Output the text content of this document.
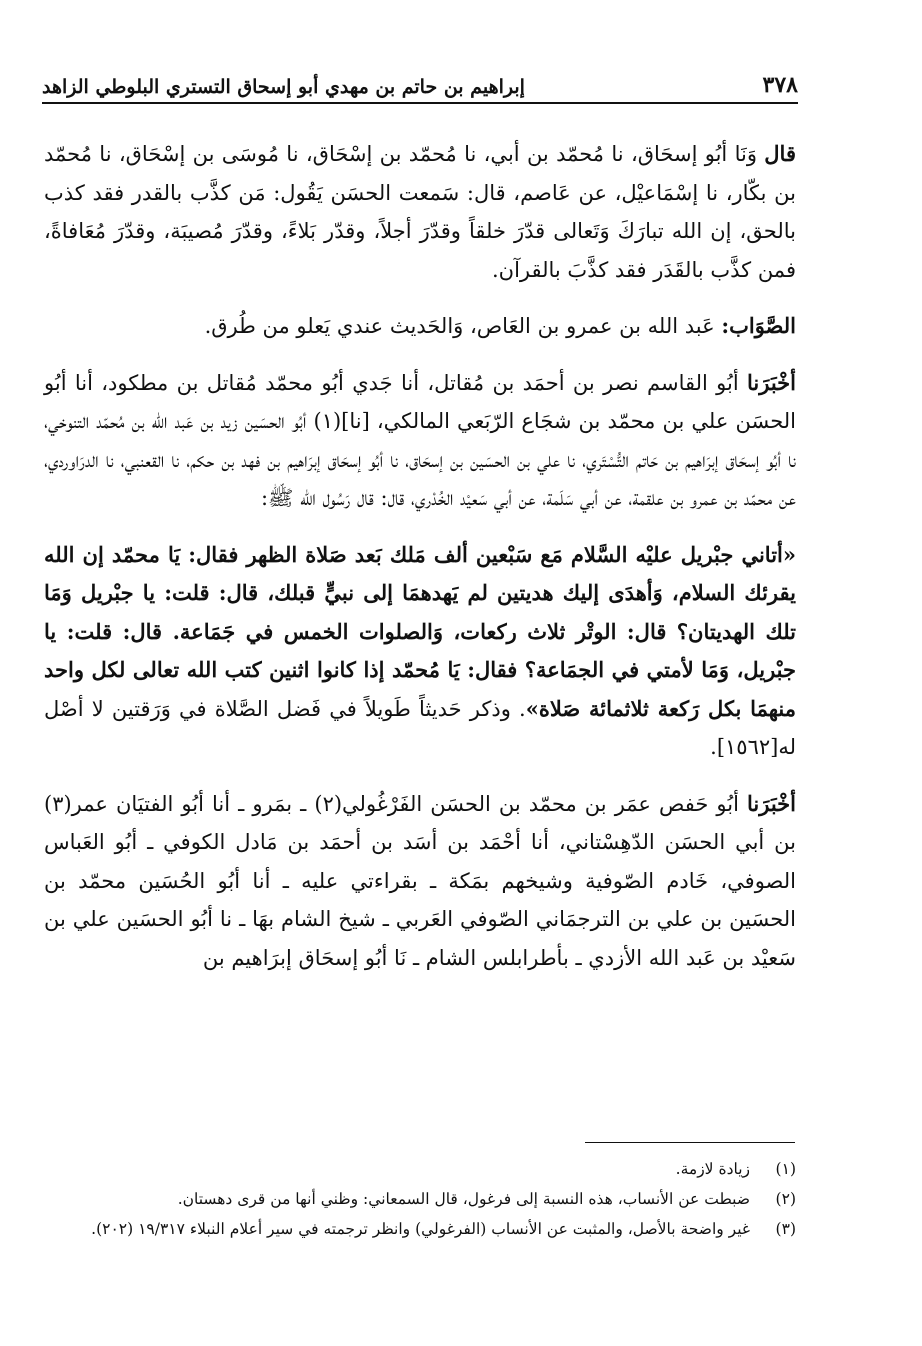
٣٧٨
إبراهيم بن حاتم بن مهدي أبو إسحاق التستري البلوطي الزاهد

قال وَنَا أبُو إسحَاق، نا مُحمّد بن أبي، نا مُحمّد بن إسْحَاق، نا مُوسَى بن إسْحَاق، نا مُحمّد بن بكّار، نا إسْمَاعيْل، عن عَاصم، قال: سَمعت الحسَن يَقُول: مَن كذَّب بالقدر فقد كذب بالحق، إن الله تبارَكَ وَتَعالى قدّرَ خلقاً وقدّرَ أجلاً، وقدّر بَلاءً، وقدّرَ مُصيبَة، وقدّرَ مُعَافاةً، فمن كذَّب بالقَدَر فقد كذَّبَ بالقرآن.

الصَّوَاب: عَبد الله بن عمرو بن العَاص، وَالحَديث عندي يَعلو من طُرق.

أخْبَرَنا أبُو القاسم نصر بن أحمَد بن مُقاتل، أنا جَدي أبُو محمّد مُقاتل بن مطكود، أنا أبُو الحسَن علي بن محمّد بن شجَاع الرّبَعي المالكي، [نا](١) أبُو الحسَين زيد بن عَبد الله بن مُحمّد التنوخي، نا أبُو إسحَاق إبرَاهيم بن حَاتم التُّسْتَري، نا علي بن الحسَين بن إسحَاق، نا أبُو إسحَاق إبرَاهيم بن فهد بن حكم، نا القعنبي، نا الدرَاوردي، عن محمّد بن عمرو بن علقمة، عن أبي سَلَمة، عن أبي سَعيْد الخُدْري، قال: قال رَسُول الله ﷺ:

«أتاني جبْريل عليْه السَّلام مَع سَبْعين ألف مَلك بَعد صَلاة الظهر فقال: يَا محمّد إن الله يقرئك السلام، وَأهدَى إليك هديتين لم يَهدهمَا إلى نبيٍّ قبلك، قال: قلت: يا جبْريل وَمَا تلك الهديتان؟ قال: الوتْر ثلاث ركعات، وَالصلوات الخمس في جَمَاعة. قال: قلت: يا جبْريل، وَمَا لأمتي في الجمَاعة؟ فقال: يَا مُحمّد إذا كانوا اثنين كتب الله تعالى لكل واحد منهمَا بكل رَكعة ثلاثمائة صَلاة». وذكر حَديثاً طَويلاً في فَضل الصَّلاة في وَرَقتين لا أصْل له[١٥٦٢].

أخْبَرَنا أبُو حَفص عمَر بن محمّد بن الحسَن الفَرْغُولي(٢) ـ بمَرو ـ أنا أبُو الفتيَان عمر(٣) بن أبي الحسَن الدّهِسْتاني، أنا أحْمَد بن أسَد بن أحمَد بن مَادل الكوفي ـ أبُو العَباس الصوفي، خَادم الصّوفية وشيخهم بمَكة ـ بقراءتي عليه ـ أنا أبُو الحُسَين محمّد بن الحسَين بن علي بن الترجمَاني الصّوفي العَربي ـ شيخ الشام بهَا ـ نا أبُو الحسَين علي بن سَعيْد بن عَبد الله الأزدي ـ بأطرابلس الشام ـ نَا أبُو إسحَاق إبرَاهيم بن

(١)
زيادة لازمة.
(٢)
ضبطت عن الأنساب، هذه النسبة إلى فرغول، قال السمعاني: وظني أنها من قرى دهستان.
(٣)
غير واضحة بالأصل، والمثبت عن الأنساب (الفرغولي) وانظر ترجمته في سير أعلام النبلاء ١٩/٣١٧ (٢٠٢).
